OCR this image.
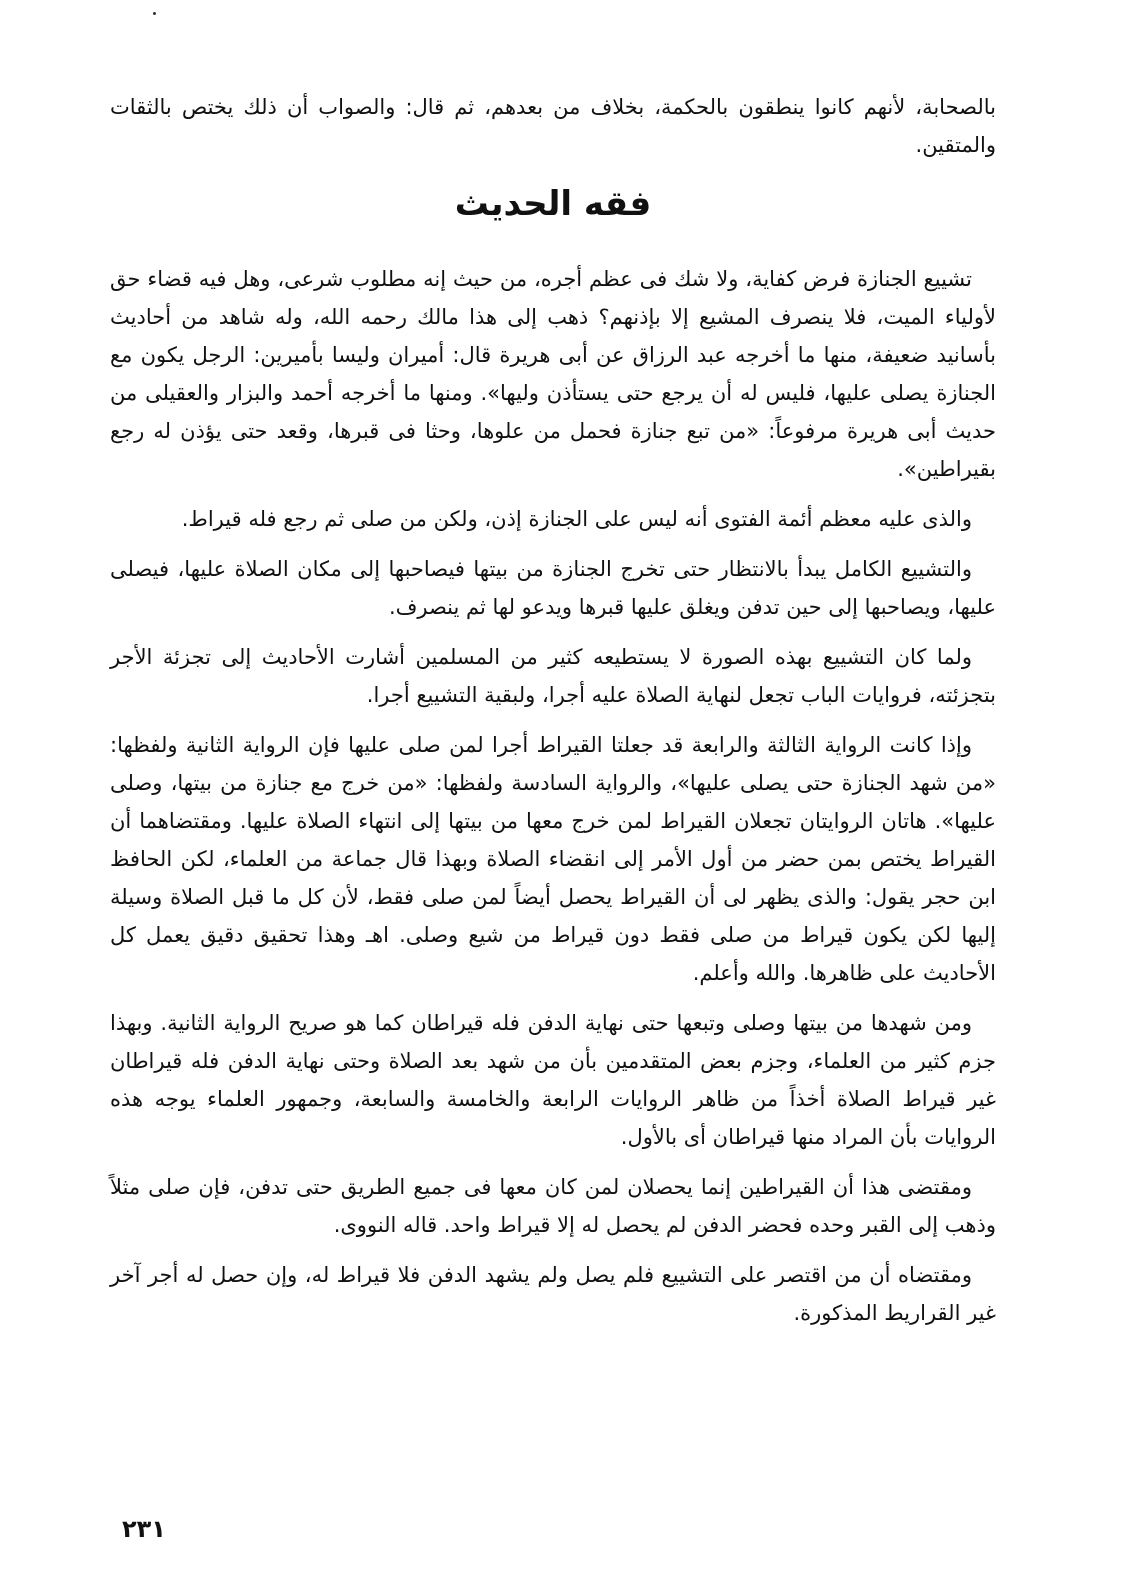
بالصحابة، لأنهم كانوا ينطقون بالحكمة، بخلاف من بعدهم، ثم قال: والصواب أن ذلك يختص بالثقات والمتقين.

فقه الحديث

تشييع الجنازة فرض كفاية، ولا شك فى عظم أجره، من حيث إنه مطلوب شرعى، وهل فيه قضاء حق لأولياء الميت، فلا ينصرف المشيع إلا بإذنهم؟ ذهب إلى هذا مالك رحمه الله، وله شاهد من أحاديث بأسانيد ضعيفة، منها ما أخرجه عبد الرزاق عن أبى هريرة قال: أميران وليسا بأميرين: الرجل يكون مع الجنازة يصلى عليها، فليس له أن يرجع حتى يستأذن وليها». ومنها ما أخرجه أحمد والبزار والعقيلى من حديث أبى هريرة مرفوعاً: «من تبع جنازة فحمل من علوها، وحثا فى قبرها، وقعد حتى يؤذن له رجع بقيراطين».

والذى عليه معظم أئمة الفتوى أنه ليس على الجنازة إذن، ولكن من صلى ثم رجع فله قيراط.

والتشييع الكامل يبدأ بالانتظار حتى تخرج الجنازة من بيتها فيصاحبها إلى مكان الصلاة عليها، فيصلى عليها، ويصاحبها إلى حين تدفن ويغلق عليها قبرها ويدعو لها ثم ينصرف.

ولما كان التشييع بهذه الصورة لا يستطيعه كثير من المسلمين أشارت الأحاديث إلى تجزئة الأجر بتجزئته، فروايات الباب تجعل لنهاية الصلاة عليه أجرا، ولبقية التشييع أجرا.

وإذا كانت الرواية الثالثة والرابعة قد جعلتا القيراط أجرا لمن صلى عليها فإن الرواية الثانية ولفظها: «من شهد الجنازة حتى يصلى عليها»، والرواية السادسة ولفظها: «من خرج مع جنازة من بيتها، وصلى عليها». هاتان الروايتان تجعلان القيراط لمن خرج معها من بيتها إلى انتهاء الصلاة عليها. ومقتضاهما أن القيراط يختص بمن حضر من أول الأمر إلى انقضاء الصلاة وبهذا قال جماعة من العلماء، لكن الحافظ ابن حجر يقول: والذى يظهر لى أن القيراط يحصل أيضاً لمن صلى فقط، لأن كل ما قبل الصلاة وسيلة إليها لكن يكون قيراط من صلى فقط دون قيراط من شيع وصلى. اهـ وهذا تحقيق دقيق يعمل كل الأحاديث على ظاهرها. والله وأعلم.

ومن شهدها من بيتها وصلى وتبعها حتى نهاية الدفن فله قيراطان كما هو صريح الرواية الثانية. وبهذا جزم كثير من العلماء، وجزم بعض المتقدمين بأن من شهد بعد الصلاة وحتى نهاية الدفن فله قيراطان غير قيراط الصلاة أخذاً من ظاهر الروايات الرابعة والخامسة والسابعة، وجمهور العلماء يوجه هذه الروايات بأن المراد منها قيراطان أى بالأول.

ومقتضى هذا أن القيراطين إنما يحصلان لمن كان معها فى جميع الطريق حتى تدفن، فإن صلى مثلاً وذهب إلى القبر وحده فحضر الدفن لم يحصل له إلا قيراط واحد. قاله النووى.

ومقتضاه أن من اقتصر على التشييع فلم يصل ولم يشهد الدفن فلا قيراط له، وإن حصل له أجر آخر غير القراريط المذكورة.

٢٣١
